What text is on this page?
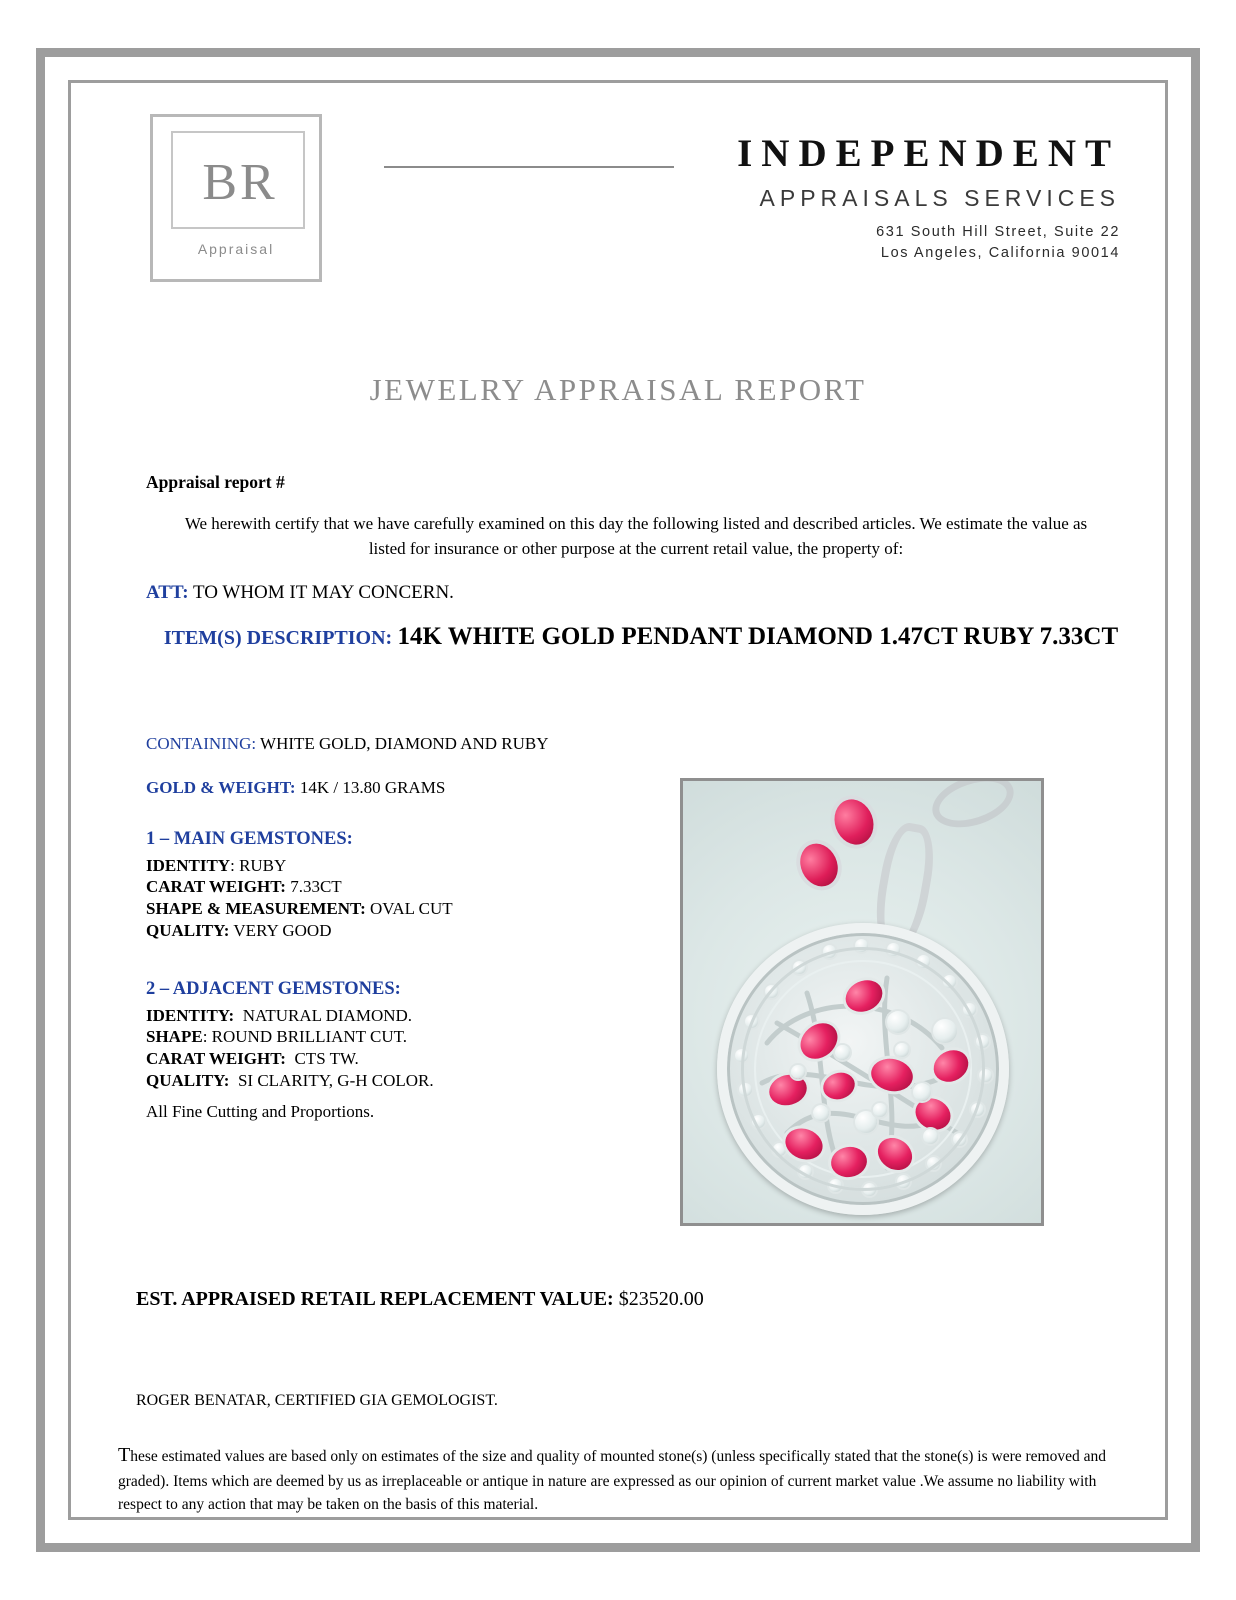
BR
Appraisal
INDEPENDENT
APPRAISALS SERVICES
631 South Hill Street, Suite 22
Los Angeles, California 90014
JEWELRY APPRAISAL REPORT
Appraisal report #
We herewith certify that we have carefully examined on this day the following listed and described articles. We estimate the value as
listed for insurance or other purpose at the current retail value, the property of:
ATT: TO WHOM IT MAY CONCERN.
ITEM(S) DESCRIPTION: 14K WHITE GOLD PENDANT DIAMOND 1.47CT RUBY 7.33CT
CONTAINING: WHITE GOLD, DIAMOND AND RUBY
GOLD & WEIGHT: 14K / 13.80 GRAMS
1 – MAIN GEMSTONES:
IDENTITY: RUBY
CARAT WEIGHT: 7.33CT
SHAPE & MEASUREMENT: OVAL CUT
QUALITY: VERY GOOD
2 – ADJACENT GEMSTONES:
IDENTITY: NATURAL DIAMOND.
SHAPE: ROUND BRILLIANT CUT.
CARAT WEIGHT: CTS TW.
QUALITY: SI CLARITY, G-H COLOR.
All Fine Cutting and Proportions.
EST. APPRAISED RETAIL REPLACEMENT VALUE: $23520.00
ROGER BENATAR, CERTIFIED GIA GEMOLOGIST.
These estimated values are based only on estimates of the size and quality of mounted stone(s) (unless specifically stated that the stone(s) is were removed and graded). Items which are deemed by us as irreplaceable or antique in nature are expressed as our opinion of current market value .We assume no liability with respect to any action that may be taken on the basis of this material.
